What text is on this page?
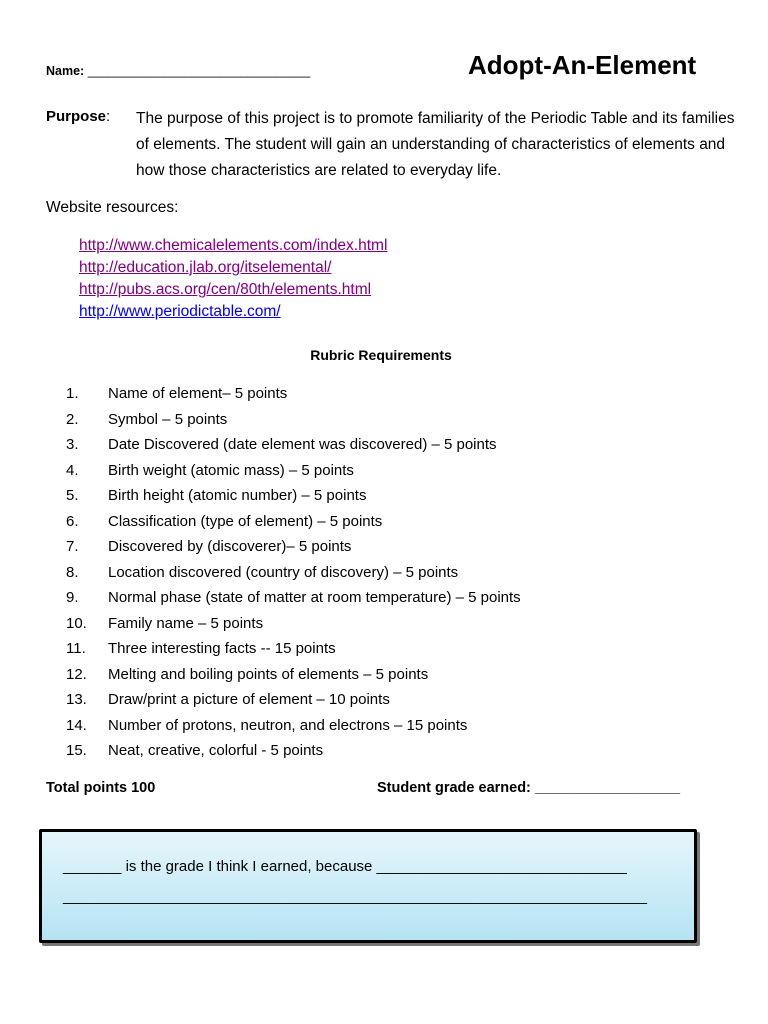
Name: ________________________________	Adopt-An-Element
Purpose: The purpose of this project is to promote familiarity of the Periodic Table and its families of elements. The student will gain an understanding of characteristics of elements and how those characteristics are related to everyday life.
Website resources:
http://www.chemicalelements.com/index.html
http://education.jlab.org/itselemental/
http://pubs.acs.org/cen/80th/elements.html
http://www.periodictable.com/
Rubric Requirements
1. Name of element– 5 points
2. Symbol – 5 points
3. Date Discovered (date element was discovered) – 5 points
4. Birth weight (atomic mass) – 5 points
5. Birth height (atomic number) – 5 points
6. Classification (type of element) – 5 points
7. Discovered by (discoverer)– 5 points
8. Location discovered (country of discovery) – 5 points
9. Normal phase (state of matter at room temperature) – 5 points
10. Family name – 5 points
11. Three interesting facts -- 15 points
12. Melting and boiling points of elements – 5 points
13. Draw/print a picture of element – 10 points
14. Number of protons, neutron, and electrons – 15 points
15. Neat, creative, colorful - 5 points
Total points 100	Student grade earned: __________________
_______ is the grade I think I earned, because ______________________________
______________________________________________________________________
